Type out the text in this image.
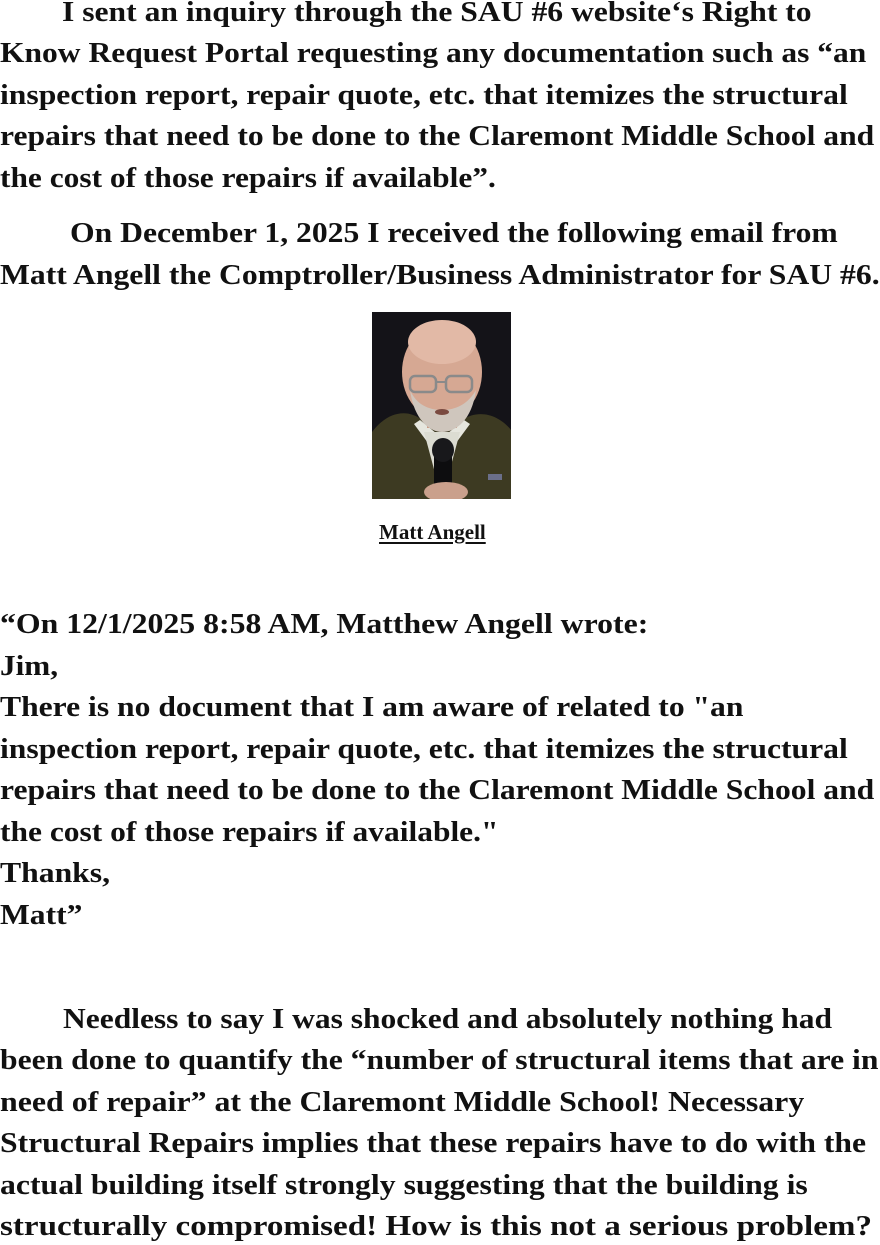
I sent an inquiry through the SAU #6 website‘s Right to
Know Request Portal requesting any documentation such as “an
inspection report, repair quote, etc. that itemizes the structural
repairs that need to be done to the Claremont Middle School and
the cost of those repairs if available”.
On December 1, 2025 I received the following email from
Matt Angell the Comptroller/Business Administrator for SAU #6.
Matt Angell
“On 12/1/2025 8:58 AM, Matthew Angell wrote:
Jim,
There is no document that I am aware of related to "an
inspection report, repair quote, etc. that itemizes the structural
repairs that need to be done to the Claremont Middle School and
the cost of those repairs if available."
Thanks,
Matt”
Needless to say I was shocked and absolutely nothing had
been done to quantify the “number of structural items that are in
need of repair” at the Claremont Middle School! Necessary
Structural Repairs implies that these repairs have to do with the
actual building itself strongly suggesting that the building is
structurally compromised! How is this not a serious problem?
